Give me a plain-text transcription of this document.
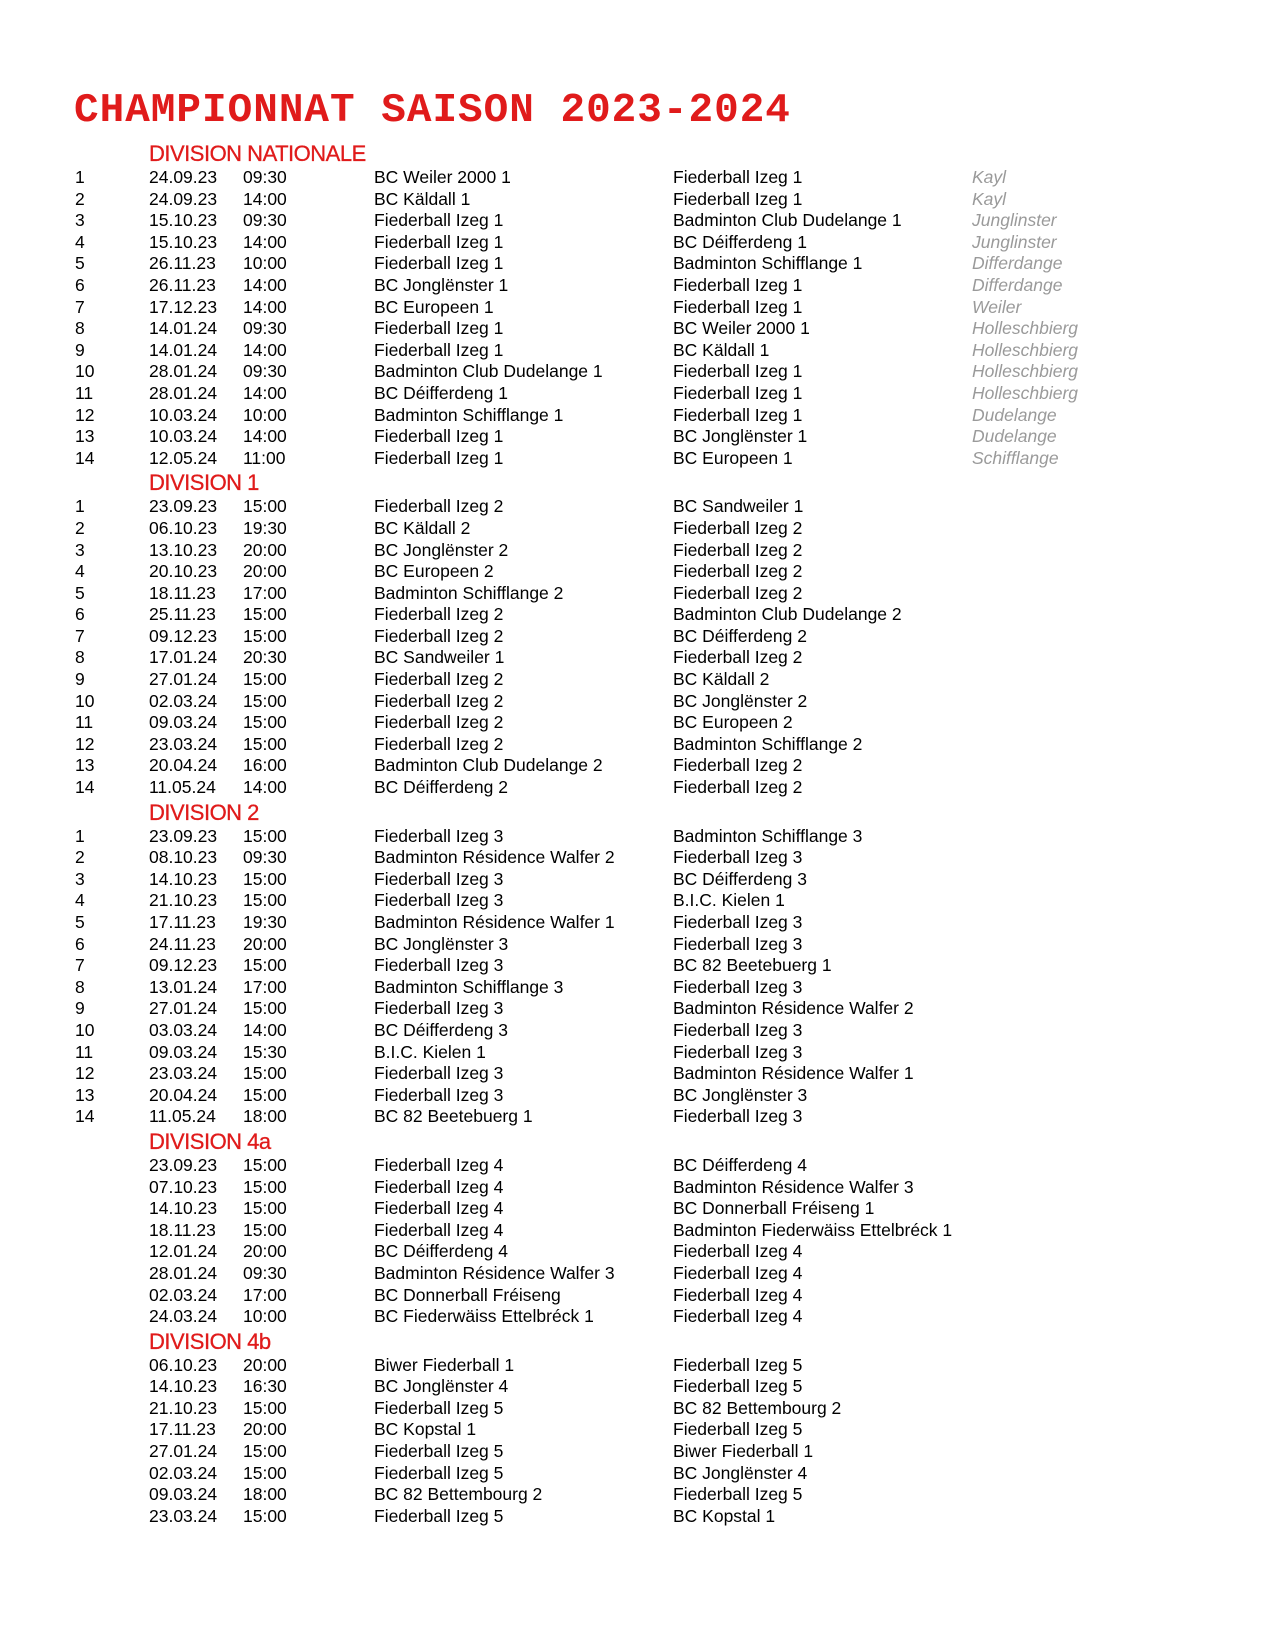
CHAMPIONNAT SAISON 2023-2024
DIVISION NATIONALE
1	24.09.23 09:30	BC Weiler 2000 1	Fiederball Izeg 1	Kayl
2	24.09.23 14:00	BC Käldall 1	Fiederball Izeg 1	Kayl
3	15.10.23 09:30	Fiederball Izeg 1	Badminton Club Dudelange 1	Junglinster
4	15.10.23 14:00	Fiederball Izeg 1	BC Déifferdeng 1	Junglinster
5	26.11.23 10:00	Fiederball Izeg 1	Badminton Schifflange 1	Differdange
6	26.11.23 14:00	BC Jonglënster 1	Fiederball Izeg 1	Differdange
7	17.12.23 14:00	BC Europeen 1	Fiederball Izeg 1	Weiler
8	14.01.24 09:30	Fiederball Izeg 1	BC Weiler 2000 1	Holleschbierg
9	14.01.24 14:00	Fiederball Izeg 1	BC Käldall 1	Holleschbierg
10	28.01.24 09:30	Badminton Club Dudelange 1	Fiederball Izeg 1	Holleschbierg
11	28.01.24 14:00	BC Déifferdeng 1	Fiederball Izeg 1	Holleschbierg
12	10.03.24 10:00	Badminton Schifflange 1	Fiederball Izeg 1	Dudelange
13	10.03.24 14:00	Fiederball Izeg 1	BC Jonglënster 1	Dudelange
14	12.05.24 11:00	Fiederball Izeg 1	BC Europeen 1	Schifflange
DIVISION 1
1	23.09.23 15:00	Fiederball Izeg 2	BC Sandweiler 1
2	06.10.23 19:30	BC Käldall 2	Fiederball Izeg 2
3	13.10.23 20:00	BC Jonglënster 2	Fiederball Izeg 2
4	20.10.23 20:00	BC Europeen 2	Fiederball Izeg 2
5	18.11.23 17:00	Badminton Schifflange 2	Fiederball Izeg 2
6	25.11.23 15:00	Fiederball Izeg 2	Badminton Club Dudelange 2
7	09.12.23 15:00	Fiederball Izeg 2	BC Déifferdeng 2
8	17.01.24 20:30	BC Sandweiler 1	Fiederball Izeg 2
9	27.01.24 15:00	Fiederball Izeg 2	BC Käldall 2
10	02.03.24 15:00	Fiederball Izeg 2	BC Jonglënster 2
11	09.03.24 15:00	Fiederball Izeg 2	BC Europeen 2
12	23.03.24 15:00	Fiederball Izeg 2	Badminton Schifflange 2
13	20.04.24 16:00	Badminton Club Dudelange 2	Fiederball Izeg 2
14	11.05.24 14:00	BC Déifferdeng 2	Fiederball Izeg 2
DIVISION 2
1	23.09.23 15:00	Fiederball Izeg 3	Badminton Schifflange 3
2	08.10.23 09:30	Badminton Résidence Walfer 2	Fiederball Izeg 3
3	14.10.23 15:00	Fiederball Izeg 3	BC Déifferdeng 3
4	21.10.23 15:00	Fiederball Izeg 3	B.I.C. Kielen 1
5	17.11.23 19:30	Badminton Résidence Walfer 1	Fiederball Izeg 3
6	24.11.23 20:00	BC Jonglënster 3	Fiederball Izeg 3
7	09.12.23 15:00	Fiederball Izeg 3	BC 82 Beetebuerg 1
8	13.01.24 17:00	Badminton Schifflange 3	Fiederball Izeg 3
9	27.01.24 15:00	Fiederball Izeg 3	Badminton Résidence Walfer 2
10	03.03.24 14:00	BC Déifferdeng 3	Fiederball Izeg 3
11	09.03.24 15:30	B.I.C. Kielen 1	Fiederball Izeg 3
12	23.03.24 15:00	Fiederball Izeg 3	Badminton Résidence Walfer 1
13	20.04.24 15:00	Fiederball Izeg 3	BC Jonglënster 3
14	11.05.24 18:00	BC 82 Beetebuerg 1	Fiederball Izeg 3
DIVISION 4a
23.09.23 15:00	Fiederball Izeg 4	BC Déifferdeng 4
07.10.23 15:00	Fiederball Izeg 4	Badminton Résidence Walfer 3
14.10.23 15:00	Fiederball Izeg 4	BC Donnerball Fréiseng 1
18.11.23 15:00	Fiederball Izeg 4	Badminton Fiederwäiss Ettelbréck 1
12.01.24 20:00	BC Déifferdeng 4	Fiederball Izeg 4
28.01.24 09:30	Badminton Résidence Walfer 3	Fiederball Izeg 4
02.03.24 17:00	BC Donnerball Fréiseng	Fiederball Izeg 4
24.03.24 10:00	BC Fiederwäiss Ettelbréck 1	Fiederball Izeg 4
DIVISION 4b
06.10.23 20:00	Biwer Fiederball 1	Fiederball Izeg 5
14.10.23 16:30	BC Jonglënster 4	Fiederball Izeg 5
21.10.23 15:00	Fiederball Izeg 5	BC 82 Bettembourg 2
17.11.23 20:00	BC Kopstal 1	Fiederball Izeg 5
27.01.24 15:00	Fiederball Izeg 5	Biwer Fiederball 1
02.03.24 15:00	Fiederball Izeg 5	BC Jonglënster 4
09.03.24 18:00	BC 82 Bettembourg 2	Fiederball Izeg 5
23.03.24 15:00	Fiederball Izeg 5	BC Kopstal 1
